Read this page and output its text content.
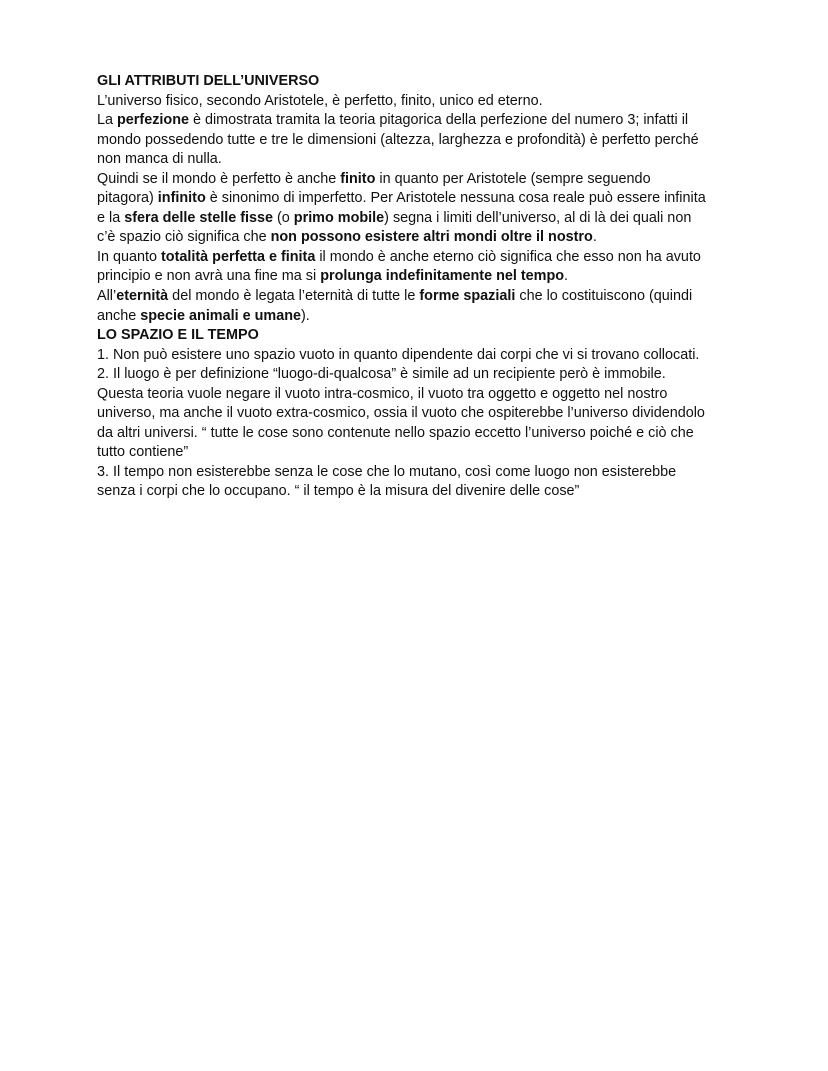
GLI ATTRIBUTI DELL’UNIVERSO
L’universo fisico, secondo Aristotele, è perfetto, finito, unico ed eterno.
La perfezione è dimostrata tramita la teoria pitagorica della perfezione del numero 3; infatti il
mondo possedendo tutte e tre le dimensioni (altezza, larghezza e profondità) è perfetto perché
non manca di nulla.
Quindi se il mondo è perfetto è anche finito in quanto per Aristotele (sempre seguendo
pitagora) infinito è sinonimo di imperfetto. Per Aristotele nessuna cosa reale può essere infinita
e la sfera delle stelle fisse (o primo mobile) segna i limiti dell’universo, al di là dei quali non
c’è spazio ciò significa che non possono esistere altri mondi oltre il nostro.
In quanto totalità perfetta e finita il mondo è anche eterno ciò significa che esso non ha avuto
principio e non avrà una fine ma si prolunga indefinitamente nel tempo.
All’eternità del mondo è legata l’eternità di tutte le forme spaziali che lo costituiscono (quindi
anche specie animali e umane).
LO SPAZIO E IL TEMPO
1. Non può esistere uno spazio vuoto in quanto dipendente dai corpi che vi si trovano collocati.
2. Il luogo è per definizione “luogo-di-qualcosa” è simile ad un recipiente però è immobile.
Questa teoria vuole negare il vuoto intra-cosmico, il vuoto tra oggetto e oggetto nel nostro
universo, ma anche il vuoto extra-cosmico, ossia il vuoto che ospiterebbe l’universo dividendolo
da altri universi. “ tutte le cose sono contenute nello spazio eccetto l’universo poiché e ciò che
tutto contiene”
3. Il tempo non esisterebbe senza le cose che lo mutano, così come luogo non esisterebbe
senza i corpi che lo occupano. “ il tempo è la misura del divenire delle cose”
